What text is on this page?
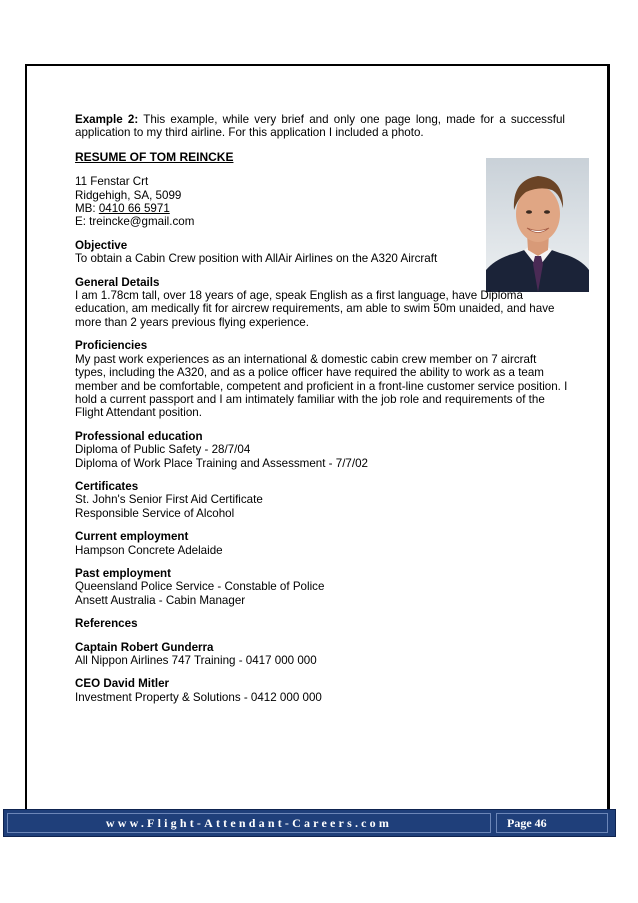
Example 2: This example, while very brief and only one page long, made for a successful application to my third airline. For this application I included a photo.

RESUME OF TOM REINCKE
11 Fenstar Crt
Ridgehigh, SA, 5099
MB: 0410 66 5971
E: treincke@gmail.com
Objective
To obtain a Cabin Crew position with AllAir Airlines on the A320 Aircraft
General Details
I am 1.78cm tall, over 18 years of age, speak English as a first language, have Diploma
education, am medically fit for aircrew requirements, am able to swim 50m unaided, and have
more than 2 years previous flying experience.
Proficiencies
My past work experiences as an international & domestic cabin crew member on 7 aircraft
types, including the A320, and as a police officer have required the ability to work as a team
member and be comfortable, competent and proficient in a front-line customer service position. I
hold a current passport and I am intimately familiar with the job role and requirements of the
Flight Attendant position.
Professional education
Diploma of Public Safety - 28/7/04
Diploma of Work Place Training and Assessment - 7/7/02
Certificates
St. John's Senior First Aid Certificate
Responsible Service of Alcohol
Current employment
Hampson Concrete Adelaide
Past employment
Queensland Police Service - Constable of Police
Ansett Australia - Cabin Manager
References
Captain Robert Gunderra
All Nippon Airlines 747 Training - 0417 000 000
CEO David Mitler
Investment Property & Solutions - 0412 000 000
www.Flight-Attendant-Careers.com	Page 46
